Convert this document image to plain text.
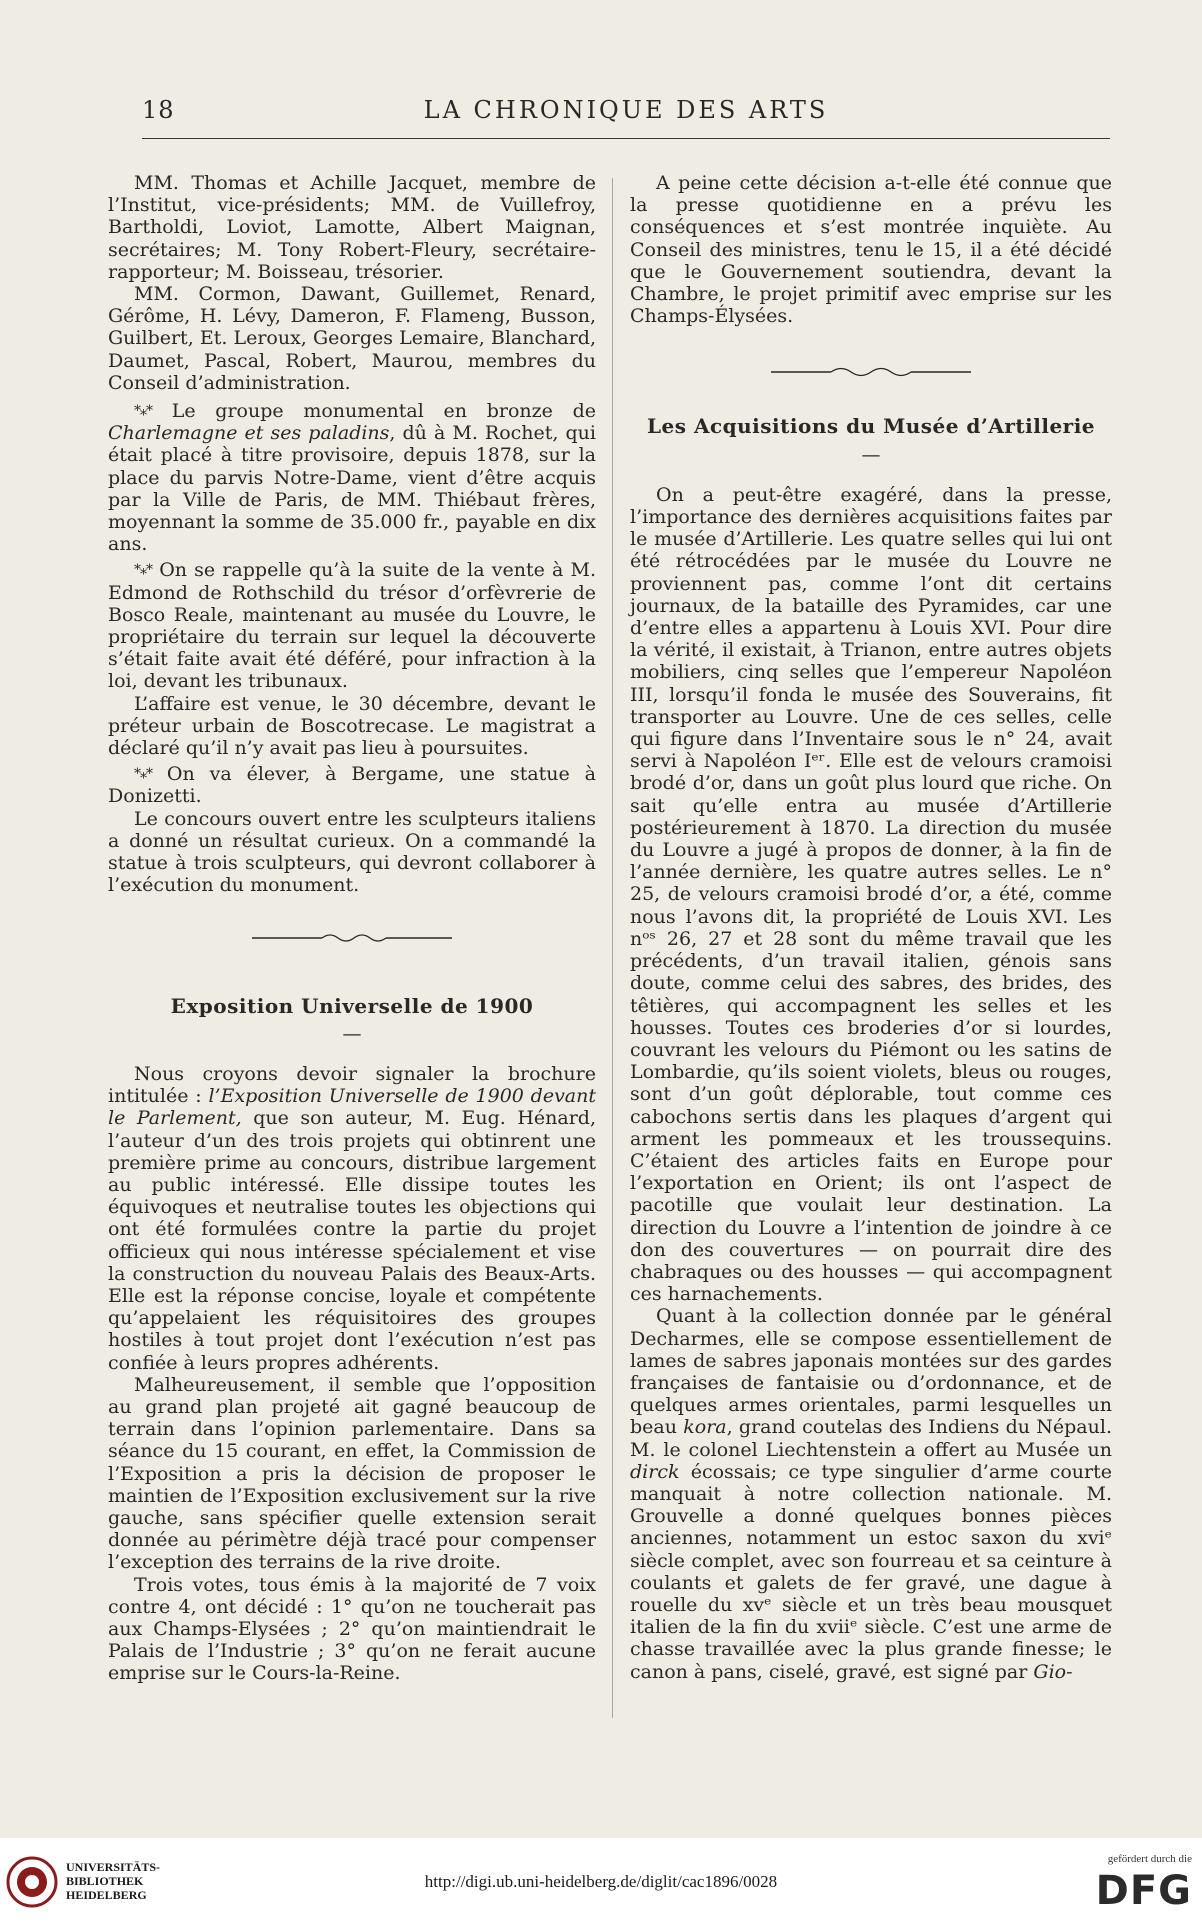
18	LA CHRONIQUE DES ARTS

MM. Thomas et Achille Jacquet, membre de l’Institut, vice-présidents; MM. de Vuillefroy, Bartholdi, Loviot, Lamotte, Albert Maignan, secrétaires; M. Tony Robert-Fleury, secrétaire-rapporteur; M. Boisseau, trésorier.

MM. Cormon, Dawant, Guillemet, Renard, Gérôme, H. Lévy, Dameron, F. Flameng, Busson, Guilbert, Et. Leroux, Georges Lemaire, Blanchard, Daumet, Pascal, Robert, Maurou, membres du Conseil d’administration.

*⁎* Le groupe monumental en bronze de Charlemagne et ses paladins, dû à M. Rochet, qui était placé à titre provisoire, depuis 1878, sur la place du parvis Notre-Dame, vient d’être acquis par la Ville de Paris, de MM. Thiébaut frères, moyennant la somme de 35.000 fr., payable en dix ans.

*⁎* On se rappelle qu’à la suite de la vente à M. Edmond de Rothschild du trésor d’orfèvrerie de Bosco Reale, maintenant au musée du Louvre, le propriétaire du terrain sur lequel la découverte s’était faite avait été déféré, pour infraction à la loi, devant les tribunaux.

L’affaire est venue, le 30 décembre, devant le préteur urbain de Boscotrecase. Le magistrat a déclaré qu’il n’y avait pas lieu à poursuites.

*⁎* On va élever, à Bergame, une statue à Donizetti.

Le concours ouvert entre les sculpteurs italiens a donné un résultat curieux. On a commandé la statue à trois sculpteurs, qui devront collaborer à l’exécution du monument.

Exposition Universelle de 1900
—

Nous croyons devoir signaler la brochure intitulée : l’Exposition Universelle de 1900 devant le Parlement, que son auteur, M. Eug. Hénard, l’auteur d’un des trois projets qui obtinrent une première prime au concours, distribue largement au public intéressé. Elle dissipe toutes les équivoques et neutralise toutes les objections qui ont été formulées contre la partie du projet officieux qui nous intéresse spécialement et vise la construction du nouveau Palais des Beaux-Arts. Elle est la réponse concise, loyale et compétente qu’appelaient les réquisitoires des groupes hostiles à tout projet dont l’exécution n’est pas confiée à leurs propres adhérents.

Malheureusement, il semble que l’opposition au grand plan projeté ait gagné beaucoup de terrain dans l’opinion parlementaire. Dans sa séance du 15 courant, en effet, la Commission de l’Exposition a pris la décision de proposer le maintien de l’Exposition exclusivement sur la rive gauche, sans spécifier quelle extension serait donnée au périmètre déjà tracé pour compenser l’exception des terrains de la rive droite.

Trois votes, tous émis à la majorité de 7 voix contre 4, ont décidé : 1° qu’on ne toucherait pas aux Champs-Elysées ; 2° qu’on maintiendrait le Palais de l’Industrie ; 3° qu’on ne ferait aucune emprise sur le Cours-la-Reine.

A peine cette décision a-t-elle été connue que la presse quotidienne en a prévu les conséquences et s’est montrée inquiète. Au Conseil des ministres, tenu le 15, il a été décidé que le Gouvernement soutiendra, devant la Chambre, le projet primitif avec emprise sur les Champs-Élysées.

Les Acquisitions du Musée d’Artillerie
—

On a peut-être exagéré, dans la presse, l’importance des dernières acquisitions faites par le musée d’Artillerie. Les quatre selles qui lui ont été rétrocédées par le musée du Louvre ne proviennent pas, comme l’ont dit certains journaux, de la bataille des Pyramides, car une d’entre elles a appartenu à Louis XVI. Pour dire la vérité, il existait, à Trianon, entre autres objets mobiliers, cinq selles que l’empereur Napoléon III, lorsqu’il fonda le musée des Souverains, fit transporter au Louvre. Une de ces selles, celle qui figure dans l’Inventaire sous le n° 24, avait servi à Napoléon Iᵉʳ. Elle est de velours cramoisi brodé d’or, dans un goût plus lourd que riche. On sait qu’elle entra au musée d’Artillerie postérieurement à 1870. La direction du musée du Louvre a jugé à propos de donner, à la fin de l’année dernière, les quatre autres selles. Le n° 25, de velours cramoisi brodé d’or, a été, comme nous l’avons dit, la propriété de Louis XVI. Les nᵒˢ 26, 27 et 28 sont du même travail que les précédents, d’un travail italien, génois sans doute, comme celui des sabres, des brides, des têtières, qui accompagnent les selles et les housses. Toutes ces broderies d’or si lourdes, couvrant les velours du Piémont ou les satins de Lombardie, qu’ils soient violets, bleus ou rouges, sont d’un goût déplorable, tout comme ces cabochons sertis dans les plaques d’argent qui arment les pommeaux et les troussequins. C’étaient des articles faits en Europe pour l’exportation en Orient; ils ont l’aspect de pacotille que voulait leur destination. La direction du Louvre a l’intention de joindre à ce don des couvertures — on pourrait dire des chabraques ou des housses — qui accompagnent ces harnachements.

Quant à la collection donnée par le général Decharmes, elle se compose essentiellement de lames de sabres japonais montées sur des gardes françaises de fantaisie ou d’ordonnance, et de quelques armes orientales, parmi lesquelles un beau kora, grand coutelas des Indiens du Népaul. M. le colonel Liechtenstein a offert au Musée un dirck écossais; ce type singulier d’arme courte manquait à notre collection nationale. M. Grouvelle a donné quelques bonnes pièces anciennes, notamment un estoc saxon du xviᵉ siècle complet, avec son fourreau et sa ceinture à coulants et galets de fer gravé, une dague à rouelle du xvᵉ siècle et un très beau mousquet italien de la fin du xviiᵉ siècle. C’est une arme de chasse travaillée avec la plus grande finesse; le canon à pans, ciselé, gravé, est signé par Gio-

UNIVERSITÄTS-
BIBLIOTHEK
HEIDELBERG
http://digi.ub.uni-heidelberg.de/diglit/cac1896/0028
gefördert durch die
DFG
